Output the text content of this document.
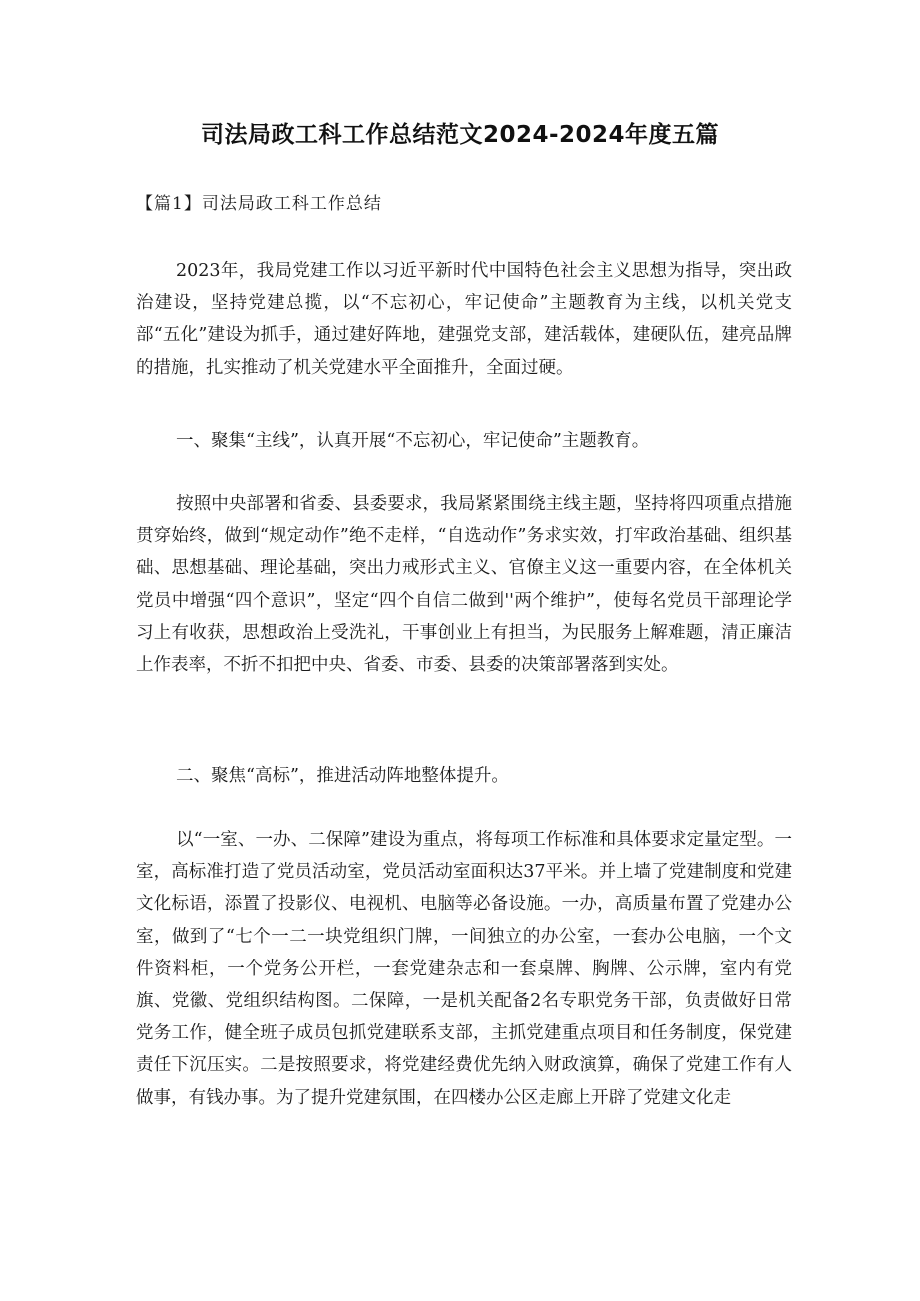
司法局政工科工作总结范文2024-2024年度五篇
【篇1】司法局政工科工作总结
2023年，我局党建工作以习近平新时代中国特色社会主义思想为指导，突出政治建设，坚持党建总揽，以“不忘初心，牢记使命”主题教育为主线，以机关党支部“五化”建设为抓手，通过建好阵地，建强党支部，建活载体，建硬队伍，建亮品牌的措施，扎实推动了机关党建水平全面推升，全面过硬。
一、聚集“主线”，认真开展“不忘初心，牢记使命”主题教育。
按照中央部署和省委、县委要求，我局紧紧围绕主线主题，坚持将四项重点措施贯穿始终，做到“规定动作”绝不走样，“自选动作”务求实效，打牢政治基础、组织基础、思想基础、理论基础，突出力戒形式主义、官僚主义这一重要内容，在全体机关党员中增强“四个意识”，坚定“四个自信二做到''两个维护”，使每名党员干部理论学习上有收获，思想政治上受洗礼，干事创业上有担当，为民服务上解难题，清正廉洁上作表率，不折不扣把中央、省委、市委、县委的决策部署落到实处。
二、聚焦“高标”，推进活动阵地整体提升。
以“一室、一办、二保障”建设为重点，将每项工作标准和具体要求定量定型。一室，高标准打造了党员活动室，党员活动室面积达37平米。并上墙了党建制度和党建文化标语，添置了投影仪、电视机、电脑等必备设施。一办，高质量布置了党建办公室，做到了“七个一二一块党组织门牌，一间独立的办公室，一套办公电脑，一个文件资料柜，一个党务公开栏，一套党建杂志和一套桌牌、胸牌、公示牌，室内有党旗、党徽、党组织结构图。二保障，一是机关配备2名专职党务干部，负责做好日常党务工作，健全班子成员包抓党建联系支部，主抓党建重点项目和任务制度，保党建责任下沉压实。二是按照要求，将党建经费优先纳入财政演算，确保了党建工作有人做事，有钱办事。为了提升党建氛围，在四楼办公区走廊上开辟了党建文化走
